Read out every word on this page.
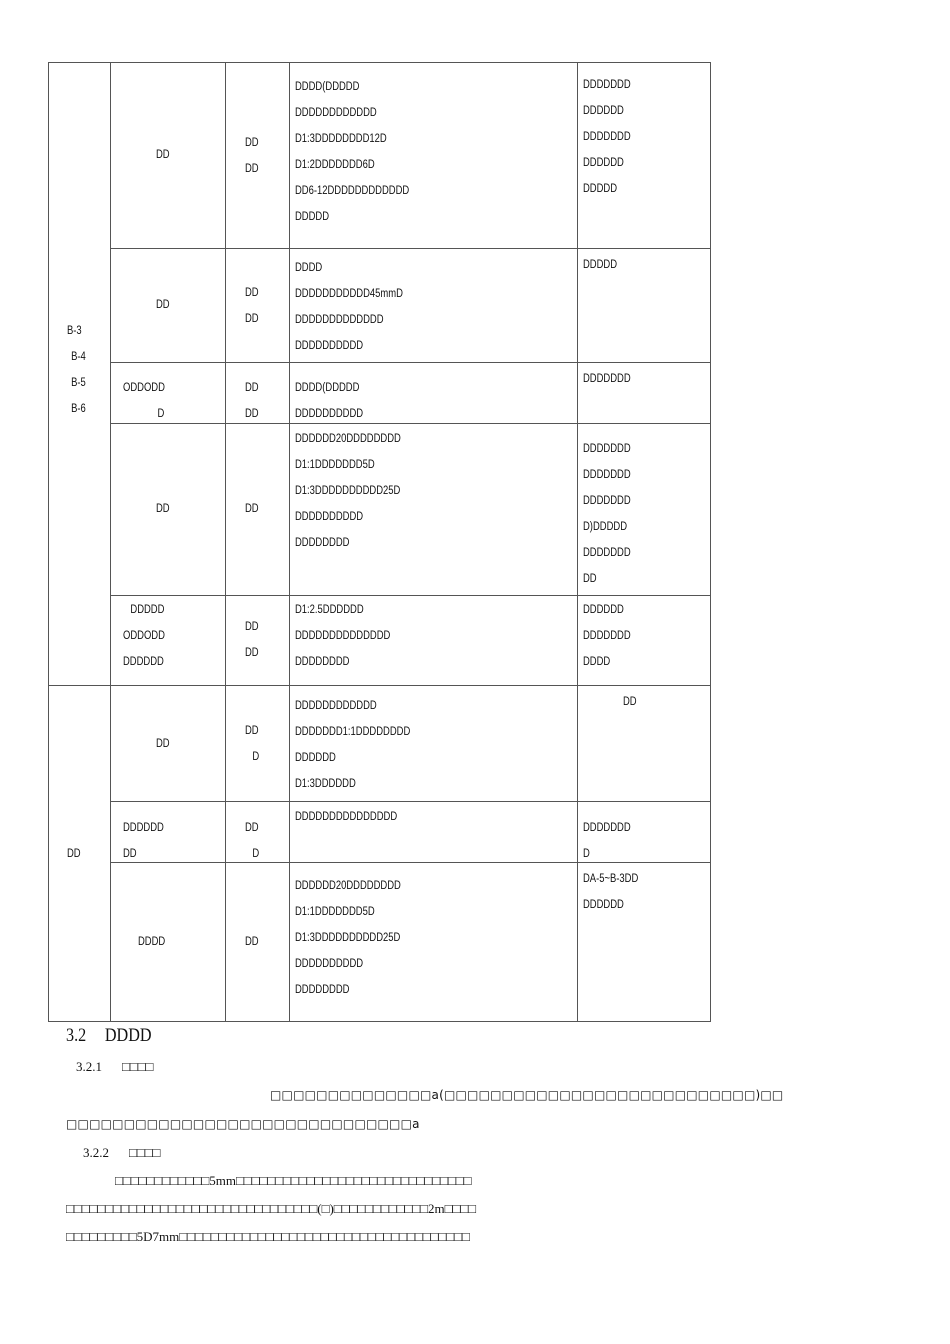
B-3
B-4
B-5
B-6
DD
DD
DD
DD
DDDD(DDDDD
DDDDDDDDDDDD
D1:3DDDDDDDD12D
D1:2DDDDDDD6D
DD6-12DDDDDDDDDDDD
DDDDD
DDDDDDD
DDDDDD
DDDDDDD
DDDDDD
DDDDD
DD
DD
DD
DDDD
DDDDDDDDDDD45mmD
DDDDDDDDDDDDD
DDDDDDDDDD
DDDDD
ODDODD
D
DD
DD
DDDD(DDDDD
DDDDDDDDDD
DDDDDDD
DD	DD
DDDDDD20DDDDDDDD
D1:1DDDDDDD5D
D1:3DDDDDDDDDD25D
DDDDDDDDDD
DDDDDDDD
DDDDDDD
DDDDDDD
DDDDDDD
D)DDDDD
DDDDDDD
DD
DDDDD
ODDODD
DDDDDD
DD
DD
D1:2.5DDDDDD
DDDDDDDDDDDDDD
DDDDDDDD
DDDDDD
DDDDDDD
DDDD
DD
DD
D
DDDDDDDDDDDD
DDDDDDD1:1DDDDDDDD
DDDDDD
D1:3DDDDDD
DD
DDDDDD
DD
DD
D
DDDDDDDDDDDDDDD
DDDDDDD
D
DDDD	DD
DDDDDD20DDDDDDDD
D1:1DDDDDDD5D
D1:3DDDDDDDDDD25D
DDDDDDDDDD
DDDDDDDD
DA-5~B-3DD
DDDDDD
3.2 DDDD
3.2.1 □□□□
□□□□□□□□□□□□□□a(□□□□□□□□□□□□□□□□□□□□□□□□□□□)□□
□□□□□□□□□□□□□□□□□□□□□□□□□□□□□□a
3.2.2 □□□□
□□□□□□□□□□□□5mm□□□□□□□□□□□□□□□□□□□□□□□□□□□□□□
□□□□□□□□□□□□□□□□□□□□□□□□□□□□□□□□(□)□□□□□□□□□□□□2m□□□□
□□□□□□□□□5D7mm□□□□□□□□□□□□□□□□□□□□□□□□□□□□□□□□□□□□□
